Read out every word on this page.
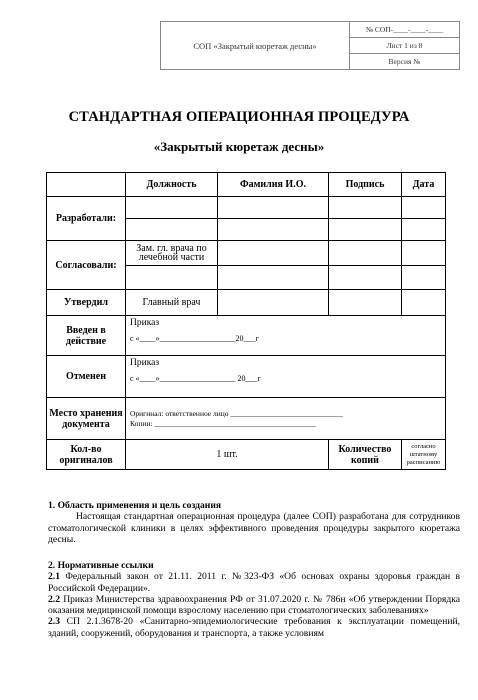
СОП «Закрытый кюретаж десны»
№ СОП-____-____-____
Лист 1 из 8
Версия №
СТАНДАРТНАЯ ОПЕРАЦИОННАЯ ПРОЦЕДУРА
«Закрытый кюретаж десны»
	Должность	Фамилия И.О.	Подпись	Дата
Разработали:				

Согласовали:	Зам. гл. врача по лечебной части			

Утвердил	Главный врач			
Введен в действие	Приказ
с «____»___________________20___г			

Отменен	Приказ
с «____»___________________ 20___г			

Место хранения документа	Оригинал: ответственное лицо ______________________________
Копии: ___________________________________________			

Кол-во оригиналов	1 шт.		Количество копий	согласно штатному расписанию
1. Область применения и цель создания
Настоящая стандартная операционная процедура (далее СОП) разработана для сотрудников стоматологической клиники в целях эффективного проведения процедуры закрытого кюретажа десны.
2. Нормативные ссылки
2.1 Федеральный закон от 21.11. 2011 г. №323-ФЗ «Об основах охраны здоровья граждан в Российской Федерации».
2.2 Приказ Министерства здравоохранения РФ от 31.07.2020 г. № 786н «Об утверждении Порядка оказания медицинской помощи взрослому населению при стоматологических заболеваниях»
2.3 СП 2.1.3678-20 «Санитарно-эпидемиологические требования к эксплуатации помещений, зданий, сооружений, оборудования и транспорта, а также условиям
